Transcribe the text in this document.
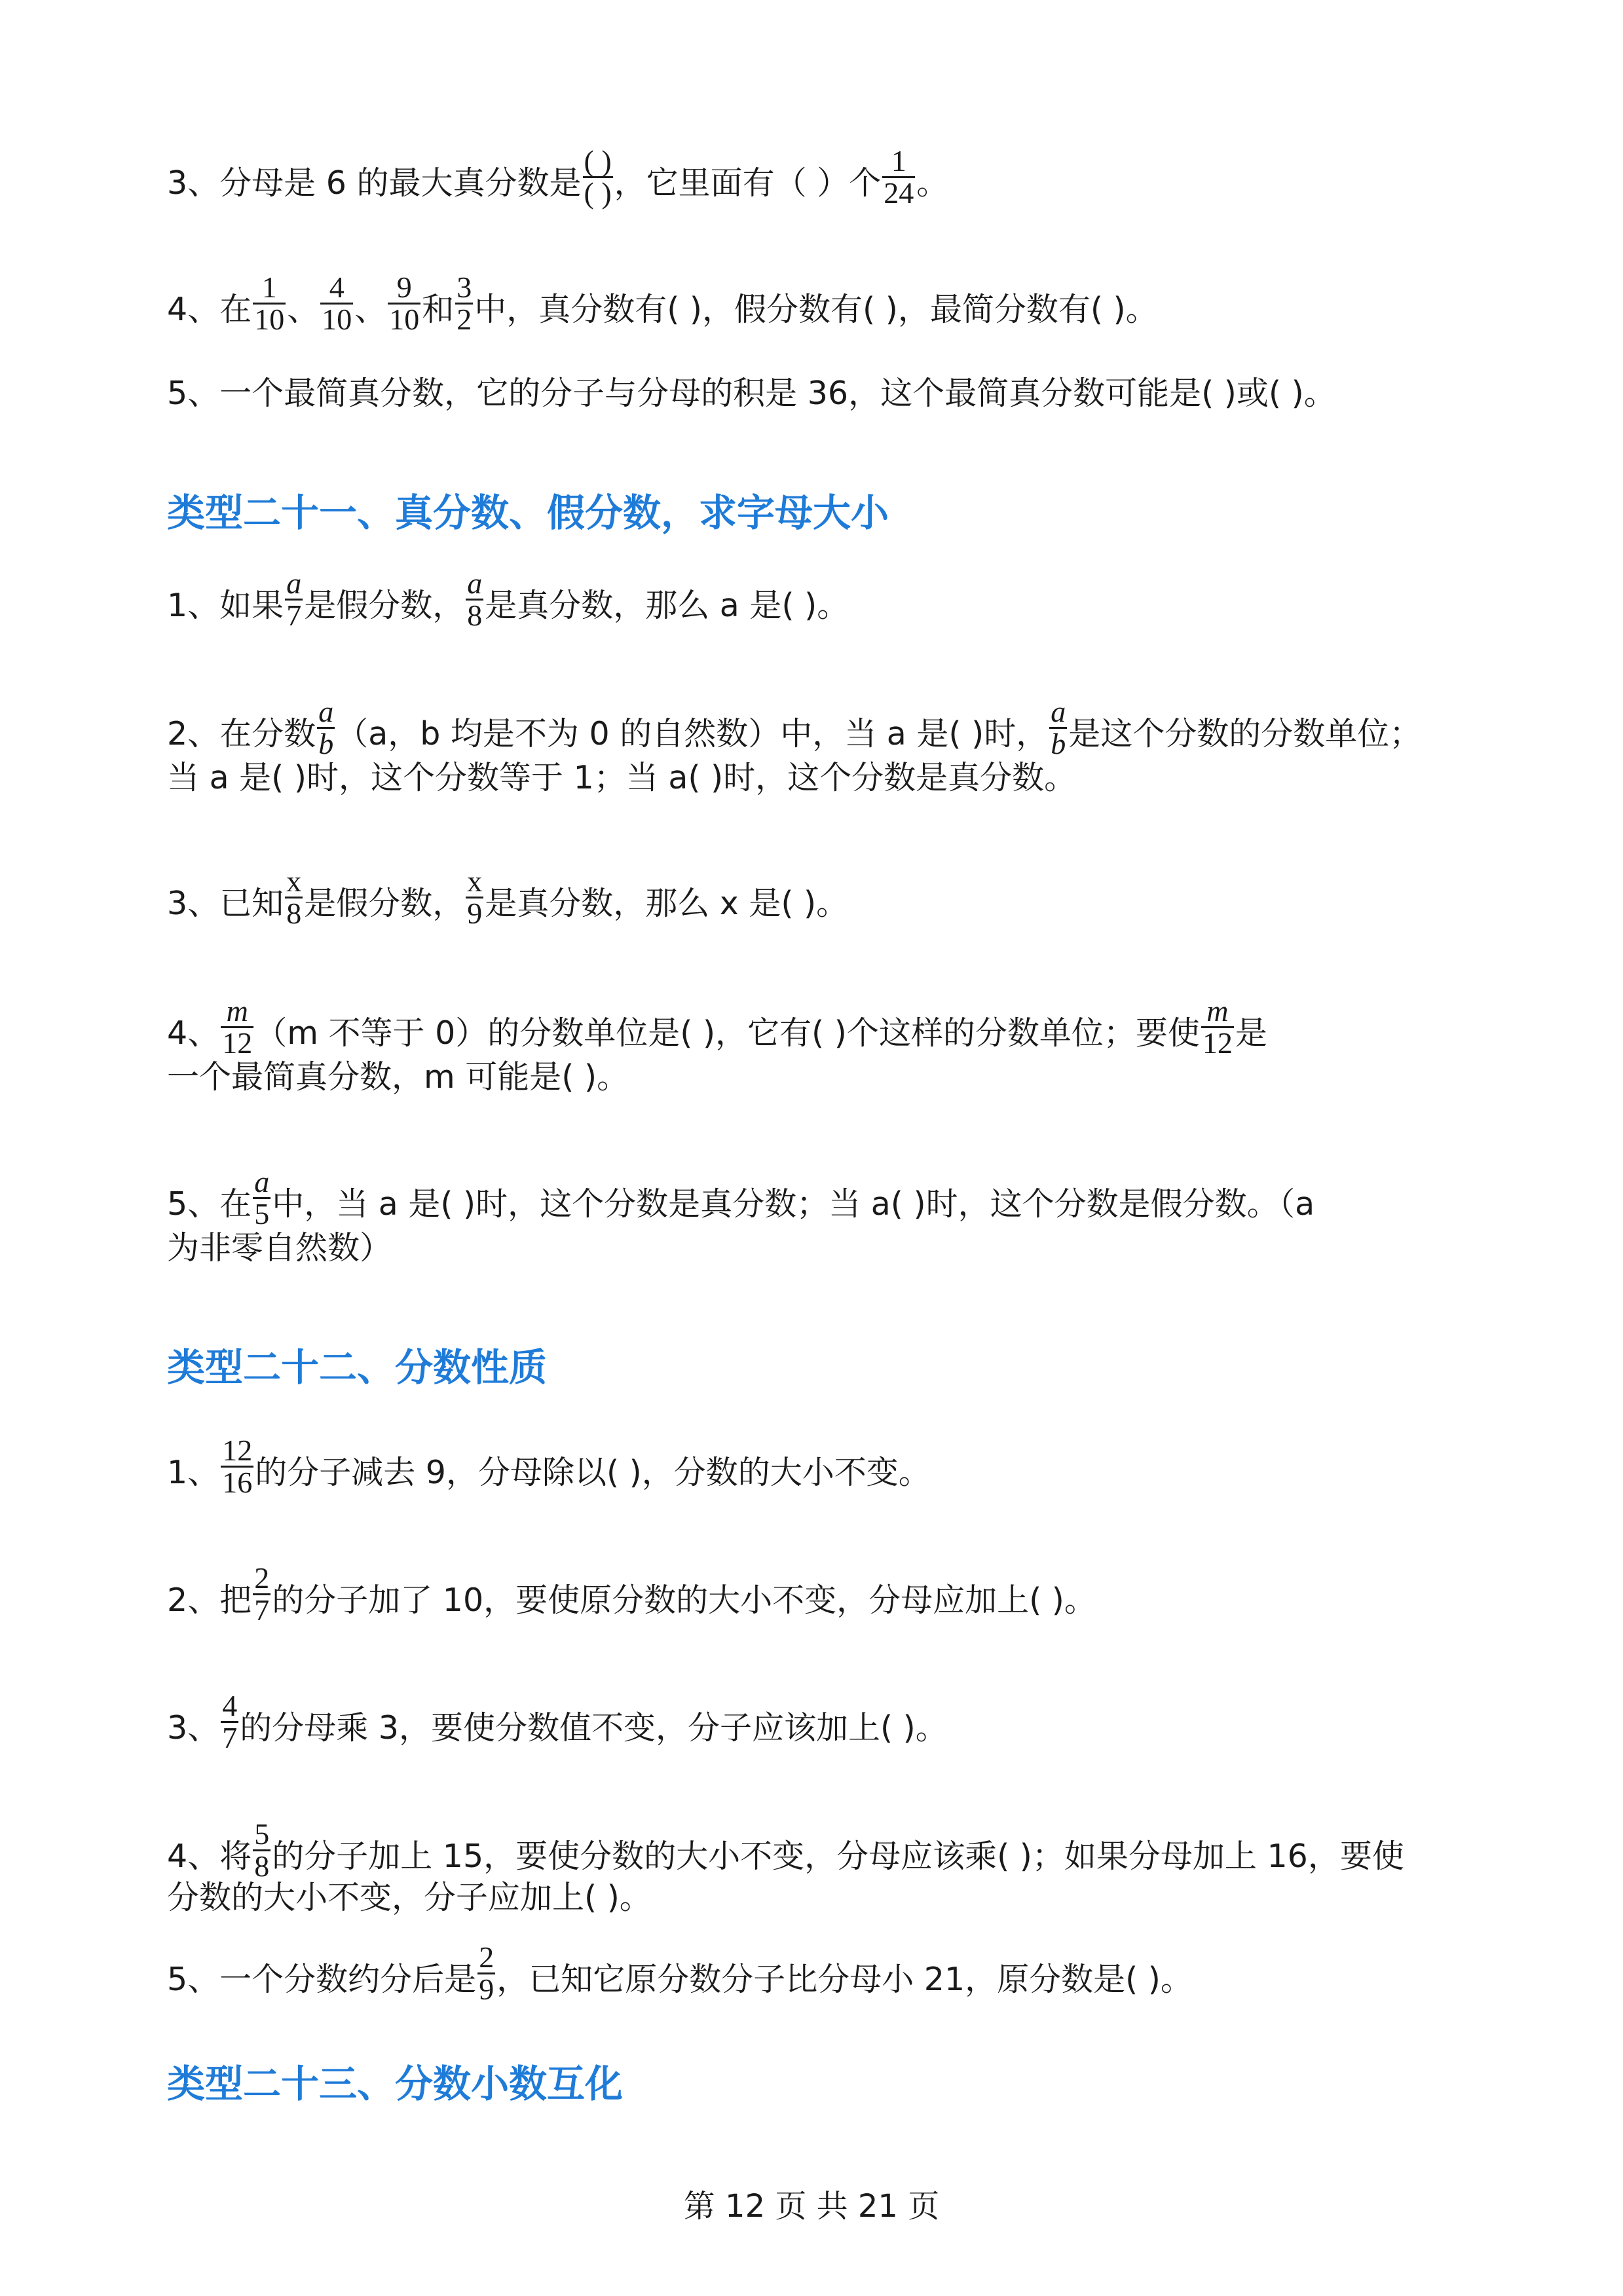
3、分母是 6 的最大真分数是 $\frac{( )}{( )}$ ，它里面有（ ）个 $\frac{1}{24}$ 。
4、在 $\frac{1}{10}$ 、 $\frac{4}{10}$ 、 $\frac{9}{10}$ 和 $\frac{3}{2}$ 中，真分数有( )，假分数有( )，最简分数有( )。
5、一个最简真分数，它的分子与分母的积是 36，这个最简真分数可能是( )或( )。
类型二十一、真分数、假分数，求字母大小
1、如果 $\frac{a}{7}$ 是假分数， $\frac{a}{8}$ 是真分数，那么 a 是( )。
2、在分数 $\frac{a}{b} (a$，b 均是不为 0 的自然数）中，当 a 是( )时， $\frac{a}{b}$ 是这个分数的分数单位；
当 a 是( )时，这个分数等于 1；当 a( )时，这个分数是真分数。
3、已知 $\frac{x}{8}$ 是假分数， $\frac{x}{9}$ 是真分数，那么 x 是( )。
4、 $\frac{m}{12} (m$ 不等于 0）的分数单位是( )，它有( )个这样的分数单位；要使 $\frac{m}{12}$ 是
一个最简真分数，m 可能是( )。
5、在 $\frac{a}{5}$ 中，当 a 是( )时，这个分数是真分数；当 a( )时，这个分数是假分数。（a
为非零自然数）
类型二十二、分数性质
1、 $\frac{12}{16}$ 的分子减去 9，分母除以( )，分数的大小不变。
2、把 $\frac{2}{7}$ 的分子加了 10，要使原分数的大小不变，分母应加上( )。
3、 $\frac{4}{7}$ 的分母乘 3，要使分数值不变，分子应该加上( )。
4、将 $\frac{5}{8}$ 的分子加上 15，要使分数的大小不变，分母应该乘( )；如果分母加上 16，要使
分数的大小不变，分子应加上( )。
5、一个分数约分后是 $\frac{2}{9}$ ，已知它原分数分子比分母小 21，原分数是( )。
类型二十三、分数小数互化
第 12 页 共 21 页
